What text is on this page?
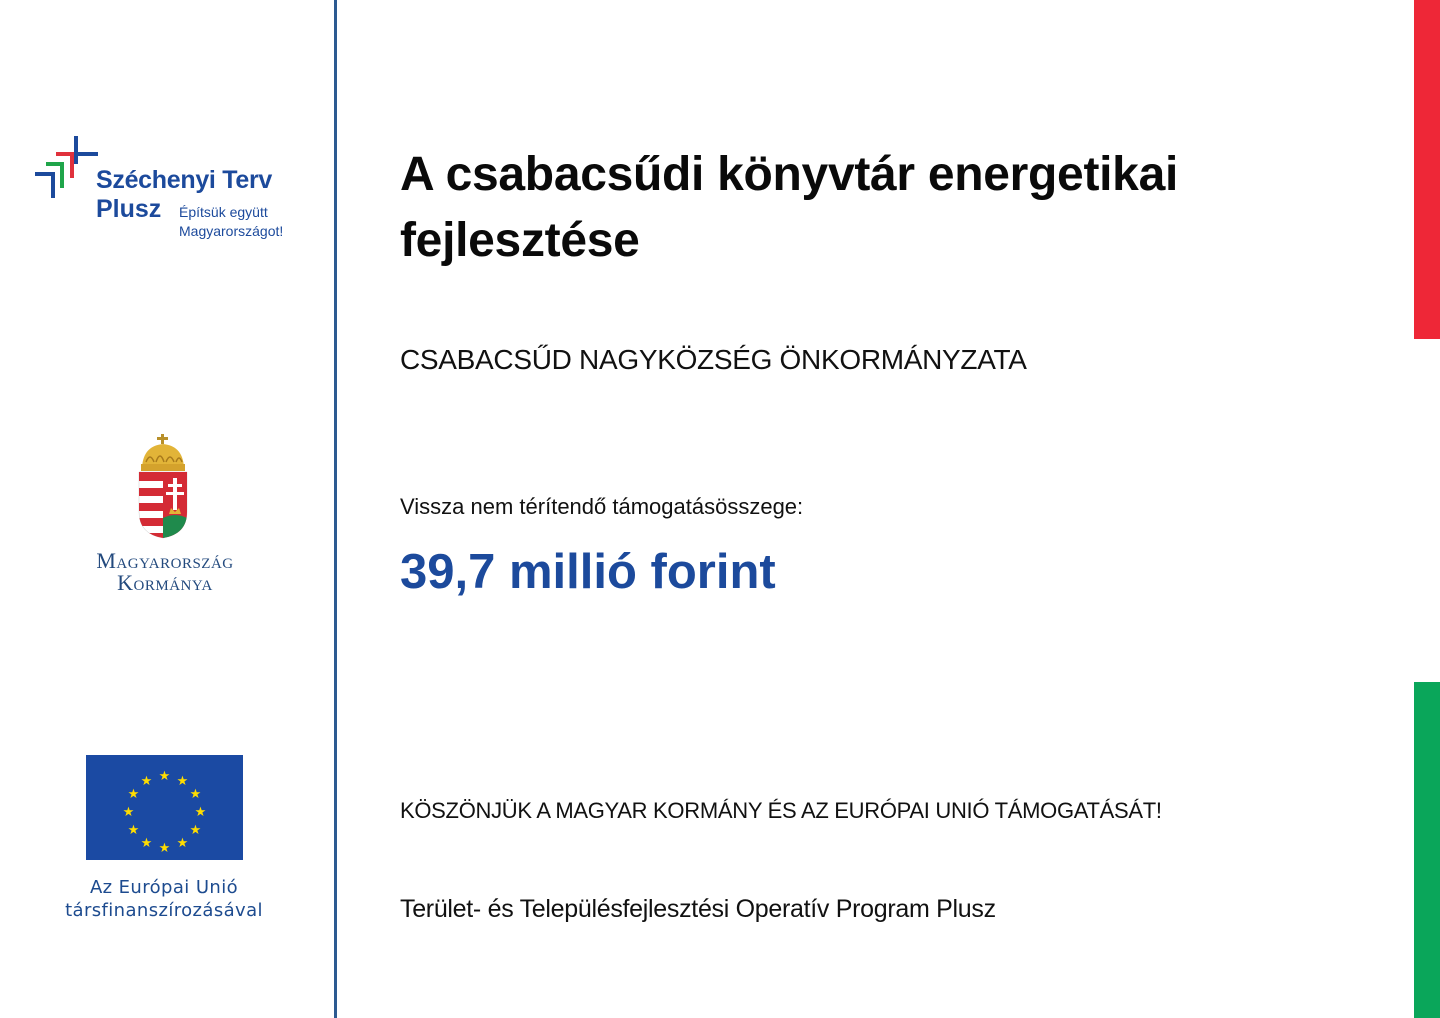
Széchenyi Terv
Plusz Építsük együtt
Magyarországot!
Magyarország
Kormánya
★ ★
★
★
★
★
★
★
★
★
★
★
Az Európai Unió
társfinanszírozásával
A csabacsűdi könyvtár energetikai fejlesztése
CSABACSŰD NAGYKÖZSÉG ÖNKORMÁNYZATA
Vissza nem térítendő támogatásösszege:
39,7 millió forint
KÖSZÖNJÜK A MAGYAR KORMÁNY ÉS AZ EURÓPAI UNIÓ TÁMOGATÁSÁT!
Terület- és Településfejlesztési Operatív Program Plusz
